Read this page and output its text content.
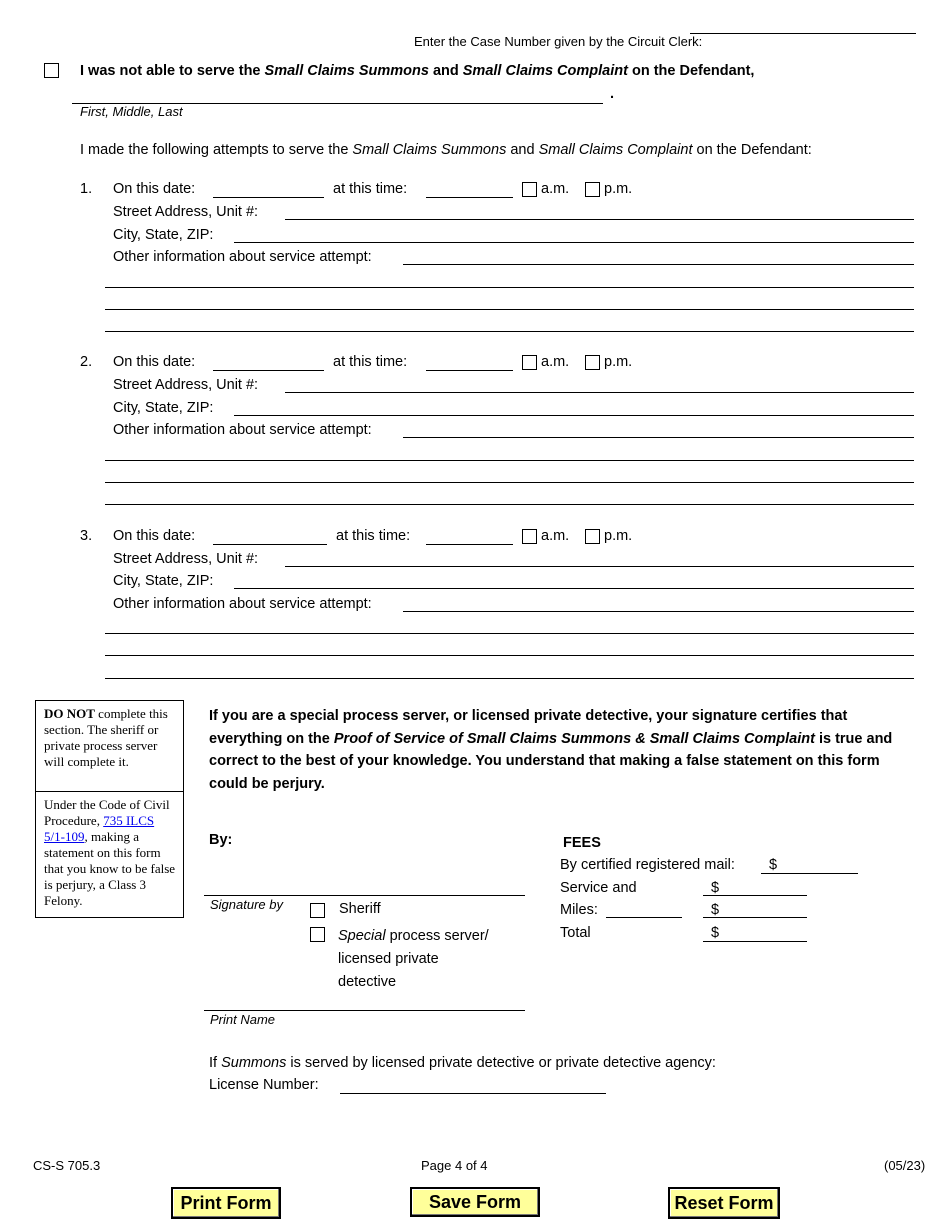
Enter the Case Number given by the Circuit Clerk:
I was not able to serve the Small Claims Summons and Small Claims Complaint on the Defendant,
.
First, Middle, Last
I made the following attempts to serve the Small Claims Summons and Small Claims Complaint on the Defendant:
1. On this date:	at this time:	a.m. p.m.
Street Address, Unit #:
City, State, ZIP:
Other information about service attempt:
2. On this date:	at this time:	a.m. p.m.
Street Address, Unit #:
City, State, ZIP:
Other information about service attempt:
3. On this date:	at this time:	a.m. p.m.
Street Address, Unit #:
City, State, ZIP:
Other information about service attempt:
DO NOT complete this section. The sheriff or private process server will complete it.
Under the Code of Civil Procedure, 735 ILCS 5/1-109, making a statement on this form that you know to be false is perjury, a Class 3 Felony.
If you are a special process server, or licensed private detective, your signature certifies that everything on the Proof of Service of Small Claims Summons & Small Claims Complaint is true and correct to the best of your knowledge. You understand that making a false statement on this form could be perjury.
By:
Signature by	Sheriff
Special process server/
licensed private
detective
Print Name
FEES
By certified registered mail: $
Service and	$
Miles:	$
Total	$
If Summons is served by licensed private detective or private detective agency:
License Number:
CS-S 705.3	Page 4 of 4	(05/23)
Print Form	Save Form	Reset Form
